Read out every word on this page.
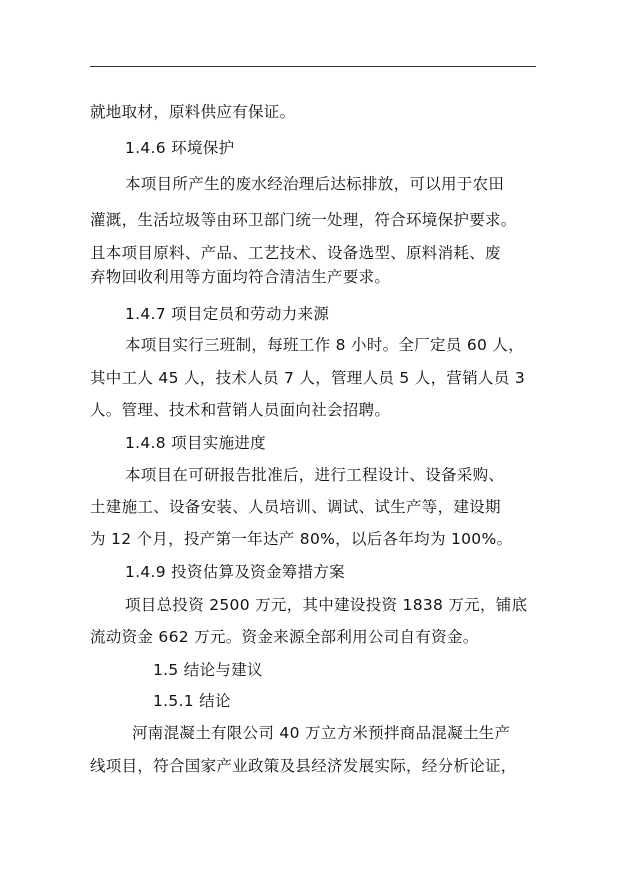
就地取材，原料供应有保证。
1.4.6 环境保护
本项目所产生的废水经治理后达标排放，可以用于农田
灌溉，生活垃圾等由环卫部门统一处理，符合环境保护要求。
且本项目原料、产品、工艺技术、设备选型、原料消耗、废
弃物回收利用等方面均符合清洁生产要求。
1.4.7 项目定员和劳动力来源
本项目实行三班制，每班工作 8 小时。全厂定员 60 人，
其中工人 45 人，技术人员 7 人，管理人员 5 人，营销人员 3
人。管理、技术和营销人员面向社会招聘。
1.4.8 项目实施进度
本项目在可研报告批准后，进行工程设计、设备采购、
土建施工、设备安装、人员培训、调试、试生产等，建设期
为 12 个月，投产第一年达产 80%，以后各年均为 100%。
1.4.9 投资估算及资金筹措方案
项目总投资 2500 万元，其中建设投资 1838 万元，铺底
流动资金 662 万元。资金来源全部利用公司自有资金。
1.5 结论与建议
1.5.1 结论
河南混凝土有限公司 40 万立方米预拌商品混凝土生产
线项目，符合国家产业政策及县经济发展实际，经分析论证，
